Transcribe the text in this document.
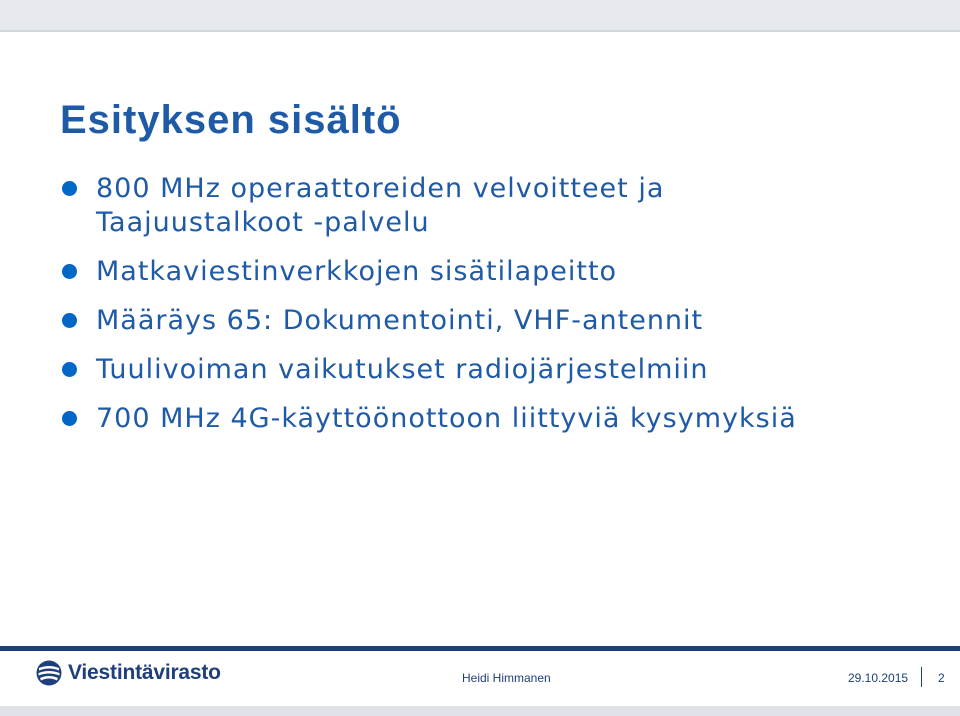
Esityksen sisältö
800 MHz operaattoreiden velvoitteet ja
Taajuustalkoot -palvelu
Matkaviestinverkkojen sisätilapeitto
Määräys 65: Dokumentointi, VHF-antennit
Tuulivoiman vaikutukset radiojärjestelmiin
700 MHz 4G-käyttöönottoon liittyviä kysymyksiä
Viestintävirasto	Heidi Himmanen	29.10.2015 2
